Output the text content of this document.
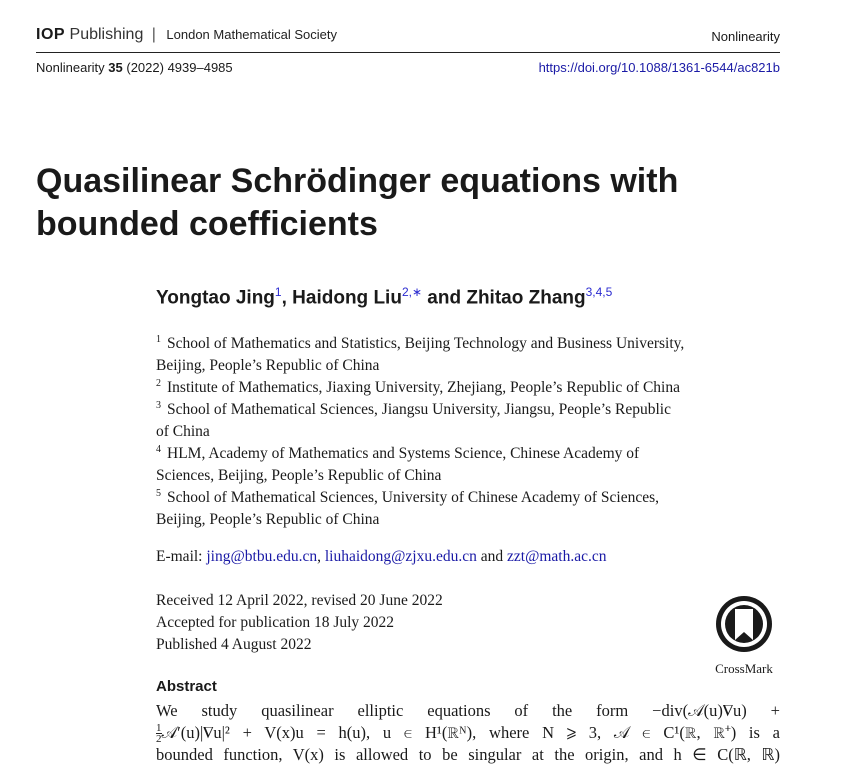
IOP Publishing | London Mathematical Society	Nonlinearity
Nonlinearity 35 (2022) 4939–4985	https://doi.org/10.1088/1361-6544/ac821b
Quasilinear Schrödinger equations with
bounded coefficients
Yongtao Jing$^1$, Haidong Liu$^{2,∗}$ and Zhitao Zhang$^{3,4,5}$
$^1$ School of Mathematics and Statistics, Beijing Technology and Business University,
Beijing, People’s Republic of China
$^2$ Institute of Mathematics, Jiaxing University, Zhejiang, People’s Republic of China
$^3$ School of Mathematical Sciences, Jiangsu University, Jiangsu, People’s Republic
of China
$^4$ HLM, Academy of Mathematics and Systems Science, Chinese Academy of
Sciences, Beijing, People’s Republic of China
$^5$ School of Mathematical Sciences, University of Chinese Academy of Sciences,
Beijing, People’s Republic of China
E-mail: jing@btbu.edu.cn, liuhaidong@zjxu.edu.cn and zzt@math.ac.cn
Received 12 April 2022, revised 20 June 2022
Accepted for publication 18 July 2022
Published 4 August 2022
CrossMark
Abstract
We study quasilinear elliptic equations of the form −div(𝒜(u)∇u) +
$\frac{1}{2}$ 𝒜′(u)|∇u|² + V(x)u = h(u), u ∈ H¹(ℝᴺ), where N ⩾ 3, 𝒜 ∈ C¹(ℝ, ℝ⁺) is a
bounded function, V(x) is allowed to be singular at the origin, and h ∈ C(ℝ, ℝ)
